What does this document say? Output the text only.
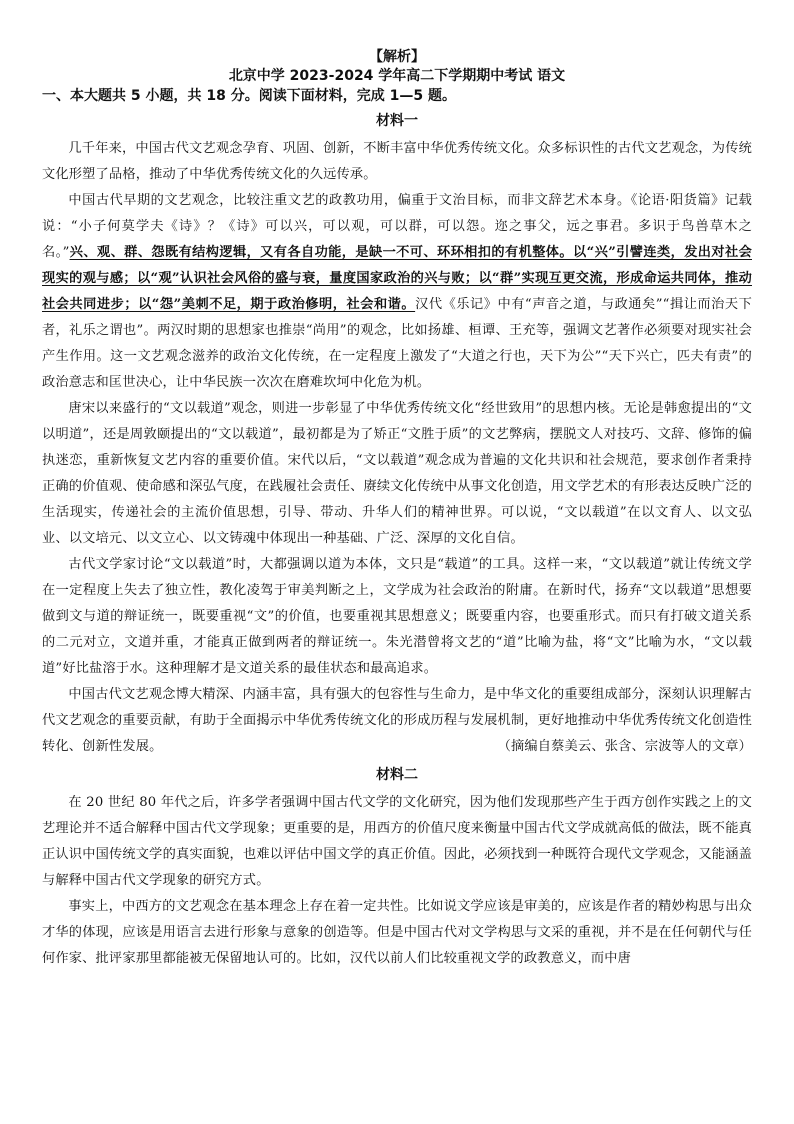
【解析】

北京中学 2023-2024 学年高二下学期期中考试 语文

一、本大题共 5 小题，共 18 分。阅读下面材料，完成 1—5 题。

材料一

几千年来，中国古代文艺观念孕育、巩固、创新，不断丰富中华优秀传统文化。众多标识性的古代文艺观念，为传统文化形塑了品格，推动了中华优秀传统文化的久远传承。

中国古代早期的文艺观念，比较注重文艺的政教功用，偏重于文治目标，而非文辞艺术本身。《论语·阳货篇》记载说：“小子何莫学夫《诗》？《诗》可以兴，可以观，可以群，可以怨。迩之事父，远之事君。多识于鸟兽草木之名。”兴、观、群、怨既有结构逻辑，又有各自功能，是缺一不可、环环相扣的有机整体。以“兴”引譬连类，发出对社会现实的观与感；以“观”认识社会风俗的盛与衰，量度国家政治的兴与败；以“群”实现互更交流，形成命运共同体，推动社会共同进步；以“怨”美刺不足，期于政治修明，社会和谐。汉代《乐记》中有“声音之道，与政通矣”“揖让而治天下者，礼乐之谓也”。两汉时期的思想家也推崇“尚用”的观念，比如扬雄、桓谭、王充等，强调文艺著作必须要对现实社会产生作用。这一文艺观念滋养的政治文化传统，在一定程度上激发了“大道之行也，天下为公”“天下兴亡，匹夫有责”的政治意志和匡世决心，让中华民族一次次在磨难坎坷中化危为机。

唐宋以来盛行的“文以载道”观念，则进一步彰显了中华优秀传统文化“经世致用”的思想内核。无论是韩愈提出的“文以明道”，还是周敦颐提出的“文以载道”，最初都是为了矫正“文胜于质”的文艺弊病，摆脱文人对技巧、文辞、修饰的偏执迷恋，重新恢复文艺内容的重要价值。宋代以后，“文以载道”观念成为普遍的文化共识和社会规范，要求创作者秉持正确的价值观、使命感和深弘气度，在践履社会责任、赓续文化传统中从事文化创造，用文学艺术的有形表达反映广泛的生活现实，传递社会的主流价值思想，引导、带动、升华人们的精神世界。可以说，“文以载道”在以文育人、以文弘业、以文培元、以文立心、以文铸魂中体现出一种基础、广泛、深厚的文化自信。

古代文学家讨论“文以载道”时，大都强调以道为本体，文只是“载道”的工具。这样一来，“文以载道”就让传统文学在一定程度上失去了独立性，教化凌驾于审美判断之上，文学成为社会政治的附庸。在新时代，扬弃“文以载道”思想要做到文与道的辩证统一，既要重视“文”的价值，也要重视其思想意义；既要重内容，也要重形式。而只有打破文道关系的二元对立，文道并重，才能真正做到两者的辩证统一。朱光潜曾将文艺的“道”比喻为盐，将“文”比喻为水，“文以载道”好比盐溶于水。这种理解才是文道关系的最佳状态和最高追求。

中国古代文艺观念博大精深、内涵丰富，具有强大的包容性与生命力，是中华文化的重要组成部分，深刻认识理解古代文艺观念的重要贡献，有助于全面揭示中华优秀传统文化的形成历程与发展机制，更好地推动中华优秀传统文化创造性转化、创新性发展。	（摘编自蔡美云、张含、宗波等人的文章）

材料二

在 20 世纪 80 年代之后，许多学者强调中国古代文学的文化研究，因为他们发现那些产生于西方创作实践之上的文艺理论并不适合解释中国古代文学现象；更重要的是，用西方的价值尺度来衡量中国古代文学成就高低的做法，既不能真正认识中国传统文学的真实面貌，也难以评估中国文学的真正价值。因此，必须找到一种既符合现代文学观念，又能涵盖与解释中国古代文学现象的研究方式。

事实上，中西方的文艺观念在基本理念上存在着一定共性。比如说文学应该是审美的，应该是作者的精妙构思与出众才华的体现，应该是用语言去进行形象与意象的创造等。但是中国古代对文学构思与文采的重视，并不是在任何朝代与任何作家、批评家那里都能被无保留地认可的。比如，汉代以前人们比较重视文学的政教意义，而中唐
